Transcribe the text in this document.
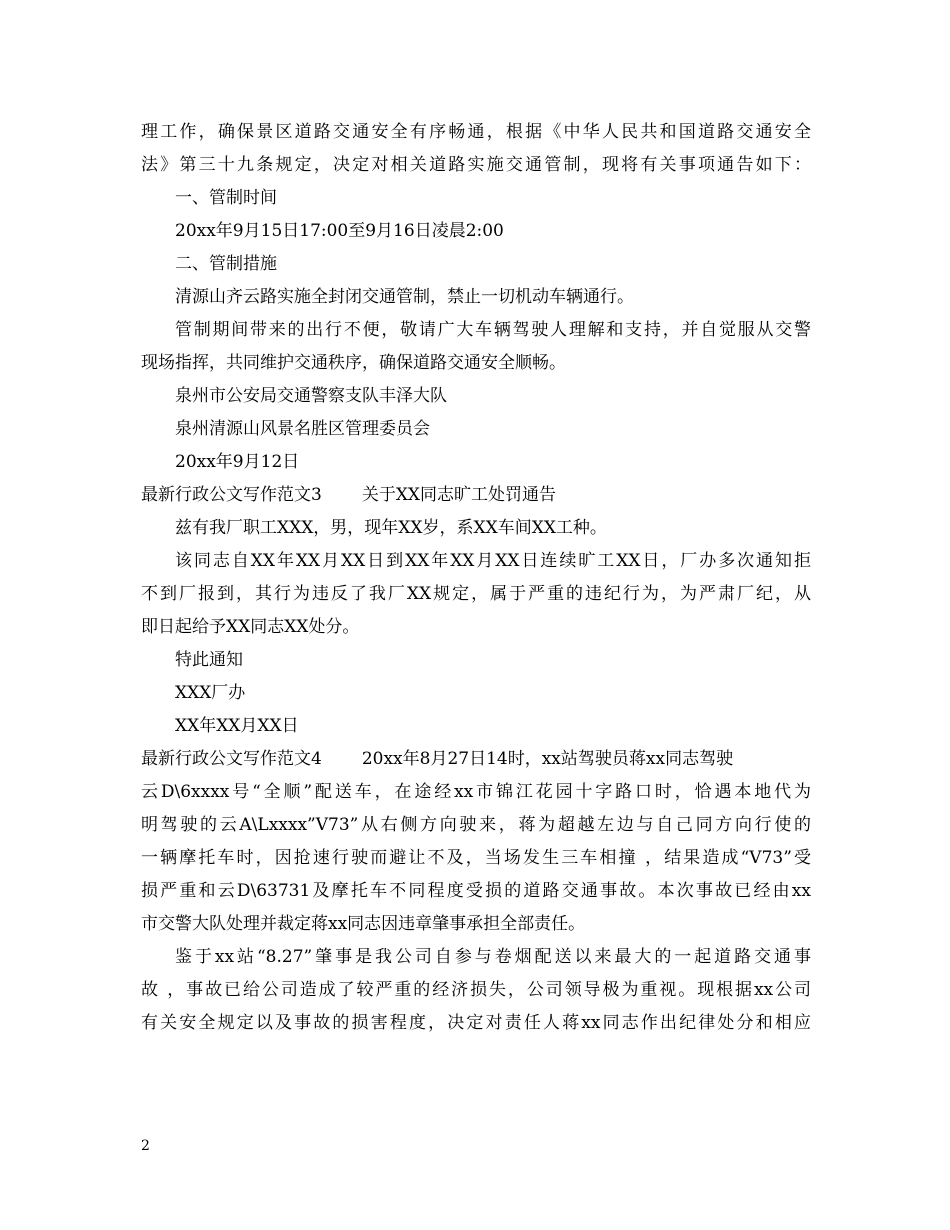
理工作，确保景区道路交通安全有序畅通，根据《中华人民共和国道路交通安全
法》第三十九条规定，决定对相关道路实施交通管制，现将有关事项通告如下：
一、管制时间
20xx年9月15日17:00至9月16日凌晨2:00
二、管制措施
清源山齐云路实施全封闭交通管制，禁止一切机动车辆通行。
管制期间带来的出行不便，敬请广大车辆驾驶人理解和支持，并自觉服从交警
现场指挥，共同维护交通秩序，确保道路交通安全顺畅。
泉州市公安局交通警察支队丰泽大队
泉州清源山风景名胜区管理委员会
20xx年9月12日
最新行政公文写作范文3 关于XX同志旷工处罚通告
兹有我厂职工XXX，男，现年XX岁，系XX车间XX工种。
该同志自XX年XX月XX日到XX年XX月XX日连续旷工XX日，厂办多次通知拒
不到厂报到，其行为违反了我厂XX规定，属于严重的违纪行为，为严肃厂纪，从
即日起给予XX同志XX处分。
特此通知
XXX厂办
XX年XX月XX日
最新行政公文写作范文4 20xx年8月27日14时，xx站驾驶员蒋xx同志驾驶
云D\6xxxx号“全顺”配送车，在途经xx市锦江花园十字路口时，恰遇本地代为
明驾驶的云A\Lxxxx”V73”从右侧方向驶来，蒋为超越左边与自己同方向行使的
一辆摩托车时，因抢速行驶而避让不及，当场发生三车相撞 ，结果造成“V73”受
损严重和云D\63731及摩托车不同程度受损的道路交通事故。本次事故已经由xx
市交警大队处理并裁定蒋xx同志因违章肇事承担全部责任。
鉴于xx站“8.27”肇事是我公司自参与卷烟配送以来最大的一起道路交通事
故 ，事故已给公司造成了较严重的经济损失，公司领导极为重视。现根据xx公司
有关安全规定以及事故的损害程度，决定对责任人蒋xx同志作出纪律处分和相应
2
